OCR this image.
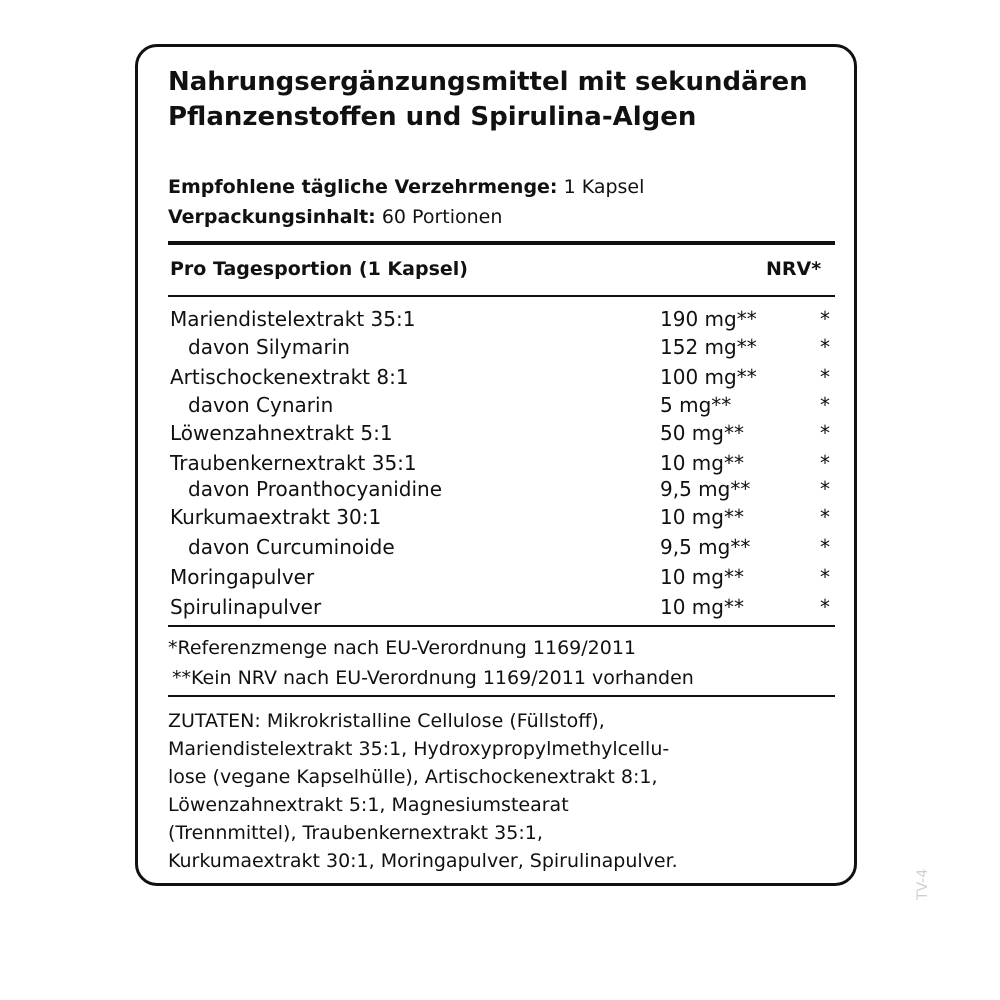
Nahrungsergänzungsmittel mit sekundären Pflanzenstoffen und Spirulina-Algen
Empfohlene tägliche Verzehrmenge: 1 Kapsel
Verpackungsinhalt: 60 Portionen
Pro Tagesportion (1 Kapsel)	NRV*
Mariendistelextrakt 35:1	190 mg**	*
davon Silymarin	152 mg**	*
Artischockenextrakt 8:1	100 mg**	*
davon Cynarin	5 mg**	*
Löwenzahnextrakt 5:1	50 mg**	*
Traubenkernextrakt 35:1	10 mg**	*
davon Proanthocyanidine	9,5 mg**	*
Kurkumaextrakt 30:1	10 mg**	*
davon Curcuminoide	9,5 mg**	*
Moringapulver	10 mg**	*
Spirulinapulver	10 mg**	*
*Referenzmenge nach EU-Verordnung 1169/2011
**Kein NRV nach EU-Verordnung 1169/2011 vorhanden

ZUTATEN: Mikrokristalline Cellulose (Füllstoff),
Mariendistelextrakt 35:1, Hydroxypropylmethylcellu-
lose (vegane Kapselhülle), Artischockenextrakt 8:1,
Löwenzahnextrakt 5:1, Magnesiumstearat
(Trennmittel), Traubenkernextrakt 35:1,
Kurkumaextrakt 30:1, Moringapulver, Spirulinapulver.

TV-4
